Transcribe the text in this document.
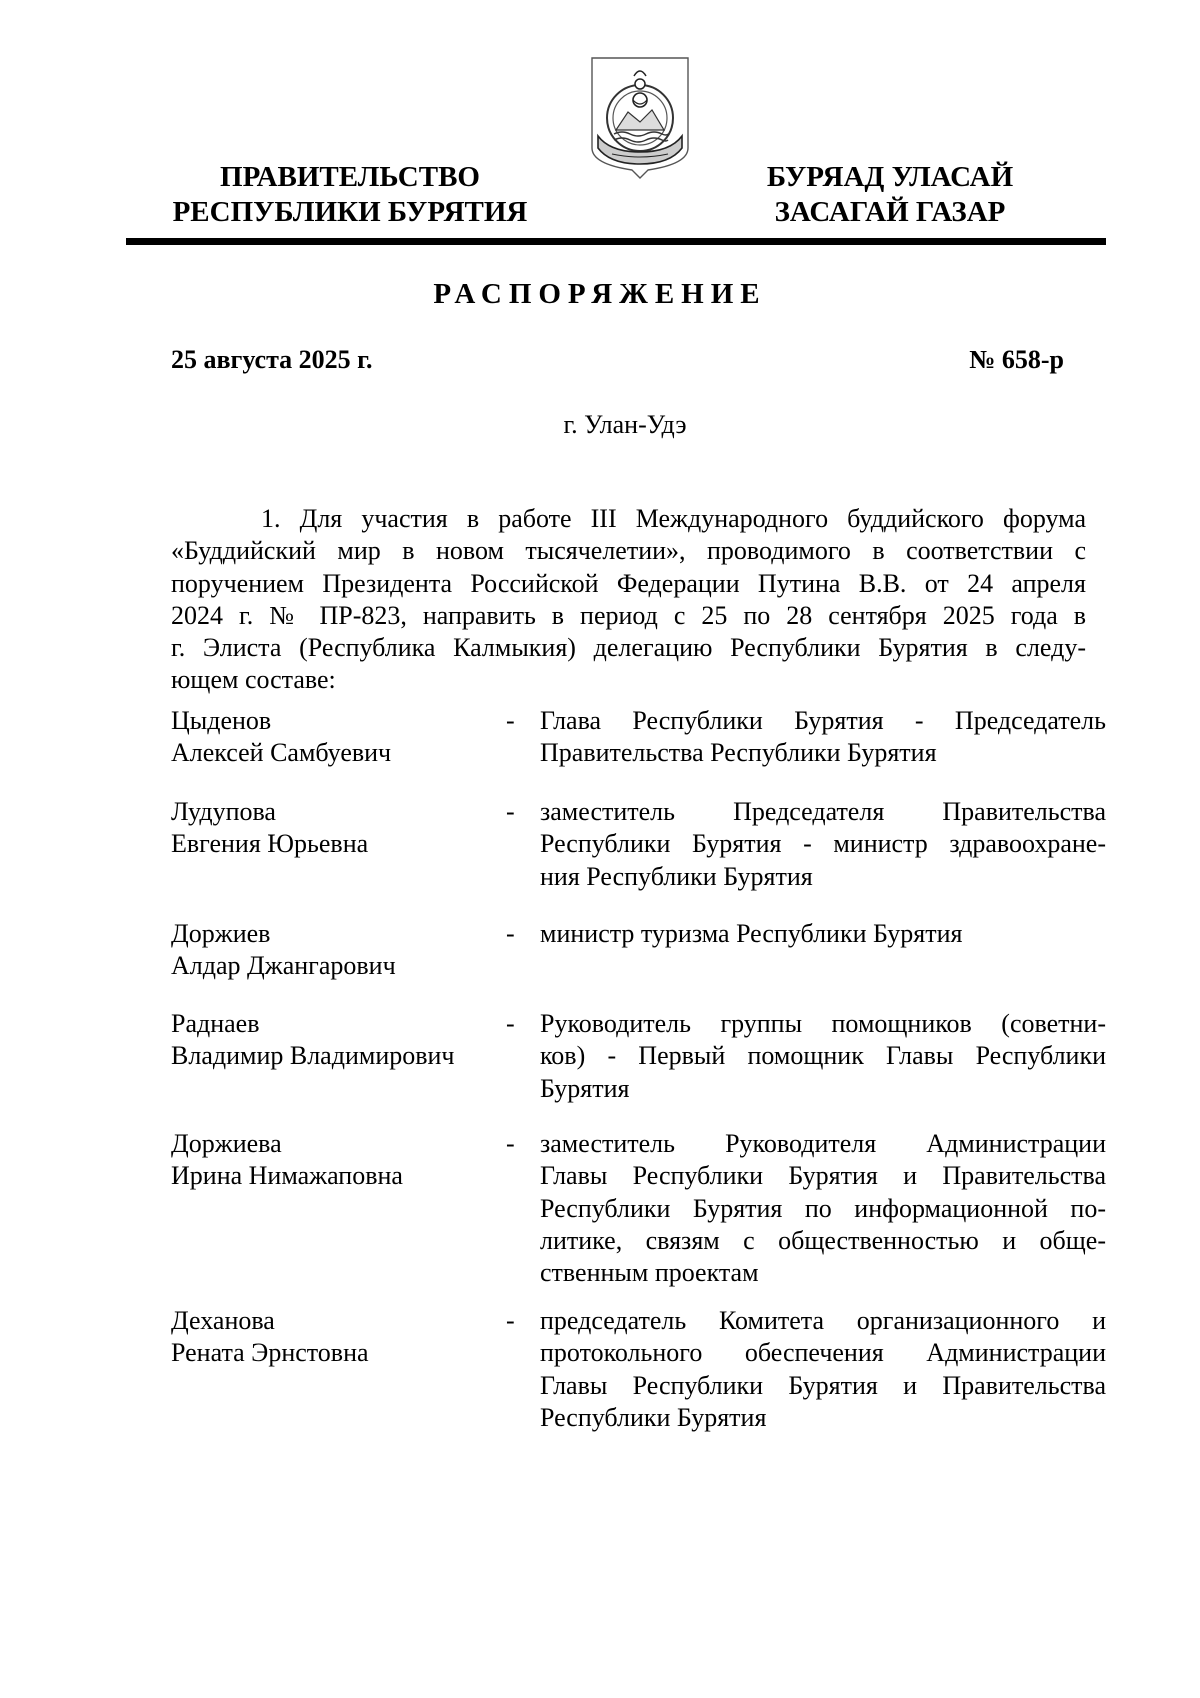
ПРАВИТЕЛЬСТВО
РЕСПУБЛИКИ БУРЯТИЯ
БУРЯАД УЛАСАЙ
ЗАСАГАЙ ГАЗАР
РАСПОРЯЖЕНИЕ
25 августа 2025 г.	№ 658-р
г. Улан-Удэ
1. Для участия в работе III Международного буддийского форума
«Буддийский мир в новом тысячелетии», проводимого в соответствии с
поручением Президента Российской Федерации Путина В.В. от 24 апреля
2024 г. № ПР-823, направить в период с 25 по 28 сентября 2025 года в
г. Элиста (Республика Калмыкия) делегацию Республики Бурятия в следу-
ющем составе:
Цыденов
Алексей Самбуевич
- Глава Республики Бурятия - Председатель
Правительства Республики Бурятия
Лудупова
Евгения Юрьевна
- заместитель Председателя Правительства
Республики Бурятия - министр здравоохране-
ния Республики Бурятия
Доржиев
Алдар Джангарович
- министр туризма Республики Бурятия
Раднаев
Владимир Владимирович
- Руководитель группы помощников (советни-
ков) - Первый помощник Главы Республики
Бурятия
Доржиева
Ирина Нимажаповна
- заместитель Руководителя Администрации
Главы Республики Бурятия и Правительства
Республики Бурятия по информационной по-
литике, связям с общественностью и обще-
ственным проектам
Деханова
Рената Эрнстовна
- председатель Комитета организационного и
протокольного обеспечения Администрации
Главы Республики Бурятия и Правительства
Республики Бурятия
